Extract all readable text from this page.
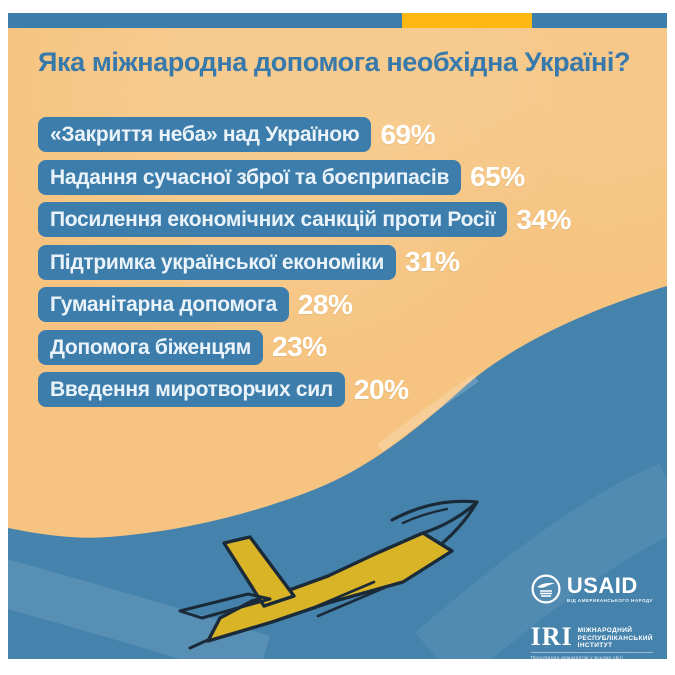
Яка міжнародна допомога необхідна Україні?
«Закриття неба» над Україною 69%
Надання сучасної зброї та боєприпасів 65%
Посилення економічних санкцій проти Росії 34%
Підтримка української економіки 31%
Гуманітарна допомога 28%
Допомога біженцям 23%
Введення миротворчих сил 20%
USAID
ВІД АМЕРИКАНСЬКОГО НАРОДУ
IRI МІЖНАРОДНИЙ
РЕСПУБЛІКАНСЬКИЙ
ІНСТИТУТ
Просуваємо демократію у всьому світі
